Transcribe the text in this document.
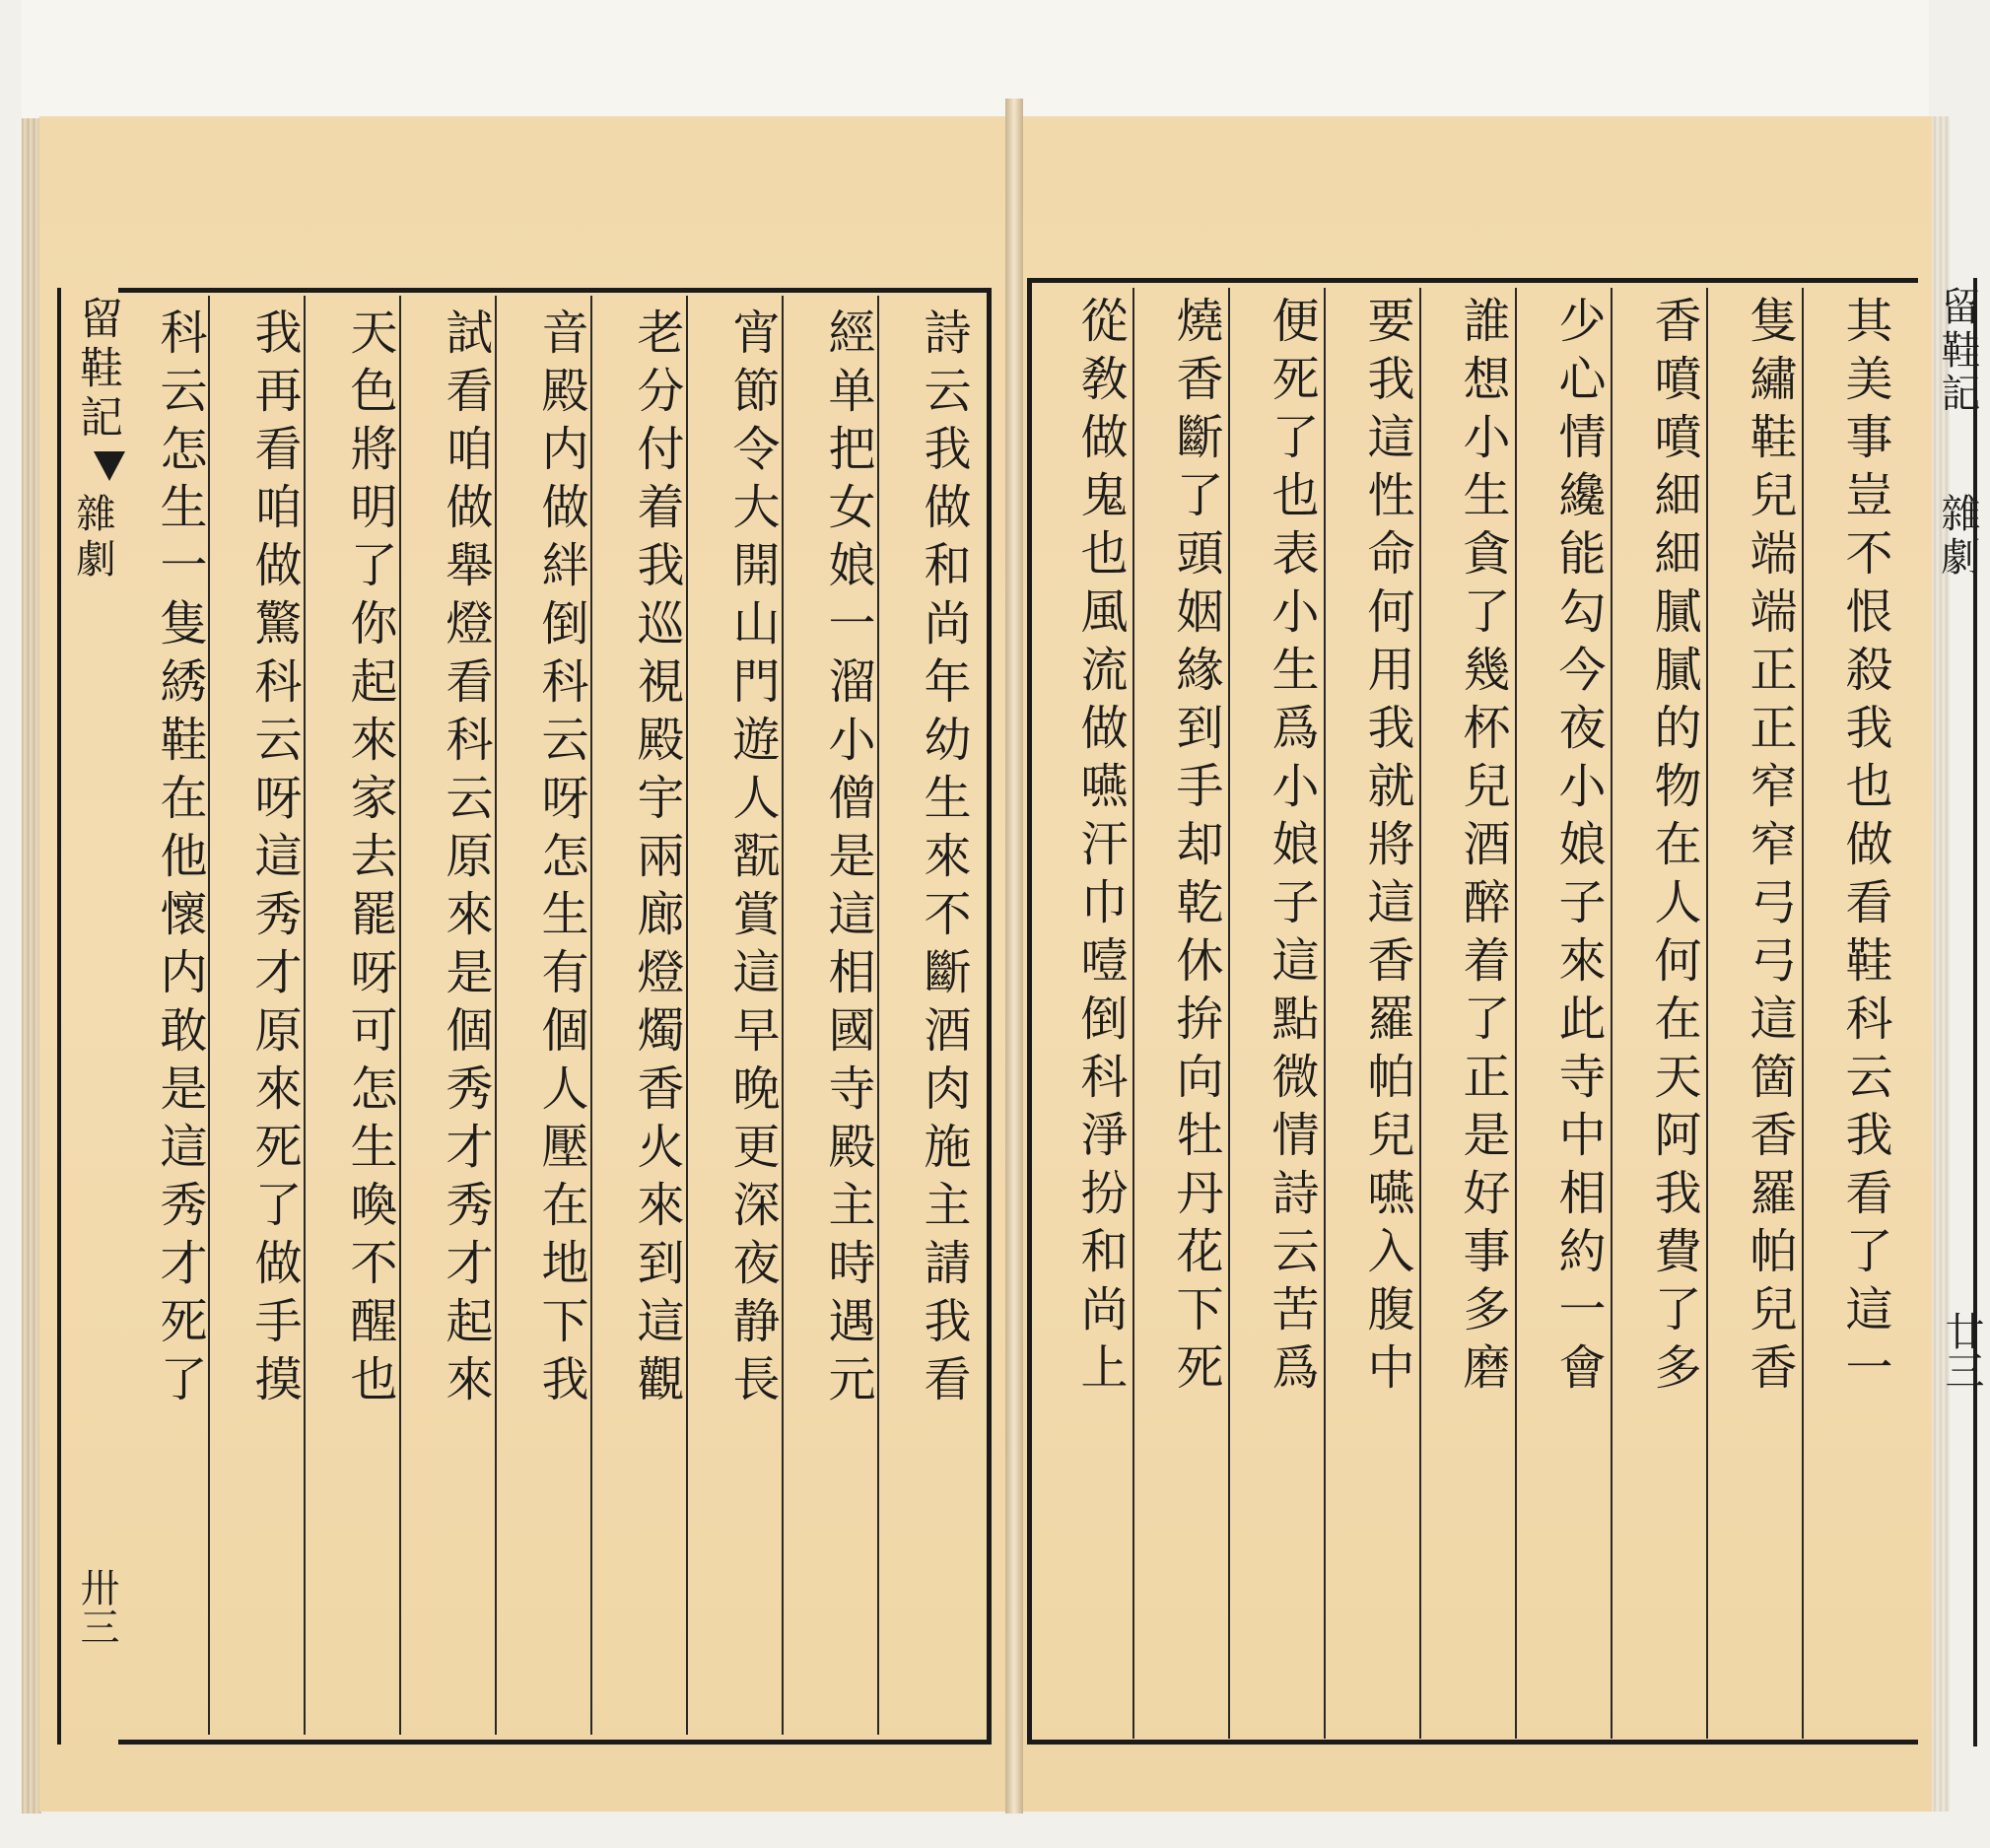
留鞋記
雜劇
卅三
詩云我做和尚年幼生來不斷酒肉施主請我看
經单把女娘一溜小僧是這相國寺殿主時遇元
宵節令大開山門遊人翫賞這早晚更深夜静長
老分付着我巡視殿宇兩廊燈燭香火來到這觀
音殿内做絆倒科云呀怎生有個人壓在地下我
試看咱做舉燈看科云原來是個秀才秀才起來
天色將明了你起來家去罷呀可怎生喚不醒也
我再看咱做驚科云呀這秀才原來死了做手摸
科云怎生一隻綉鞋在他懷内敢是這秀才死了	留鞋記
雜劇
廿三
其美事豈不恨殺我也做看鞋科云我看了這一
隻繡鞋兒端端正正窄窄弓弓這箇香羅帕兒香
香噴噴細細膩膩的物在人何在天阿我費了多
少心情纔能勾今夜小娘子來此寺中相約一會
誰想小生貪了幾杯兒酒醉着了正是好事多磨
要我這性命何用我就將這香羅帕兒嚥入腹中
便死了也表小生爲小娘子這點微情詩云苦爲
燒香斷了頭姻緣到手却乾休拚向牡丹花下死
從敎做鬼也風流做嚥汗巾噎倒科淨扮和尚上
